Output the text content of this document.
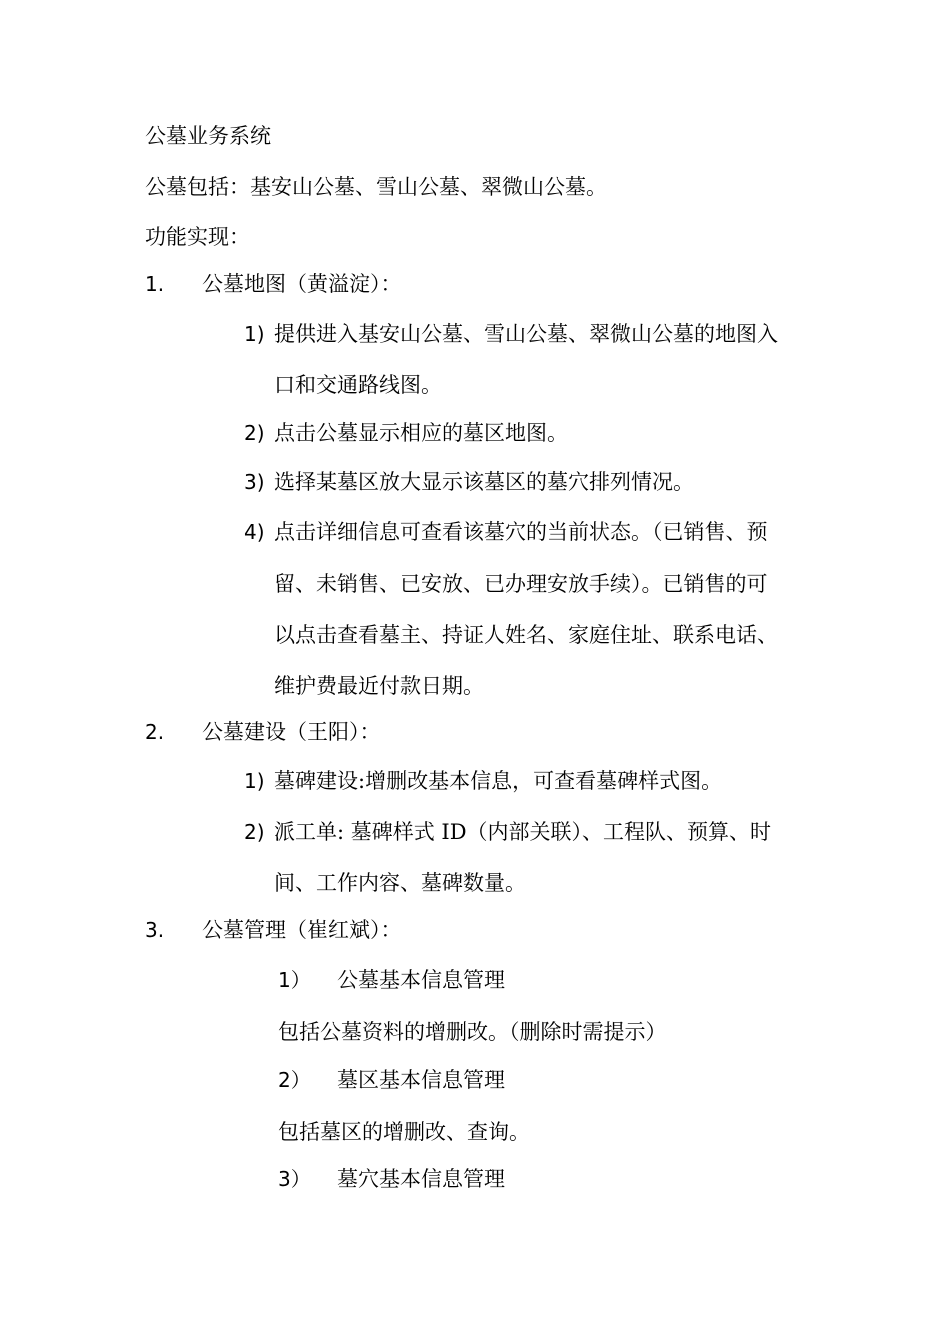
公墓业务系统
公墓包括：基安山公墓、雪山公墓、翠微山公墓。
功能实现：
1. 公墓地图（黄溢淀）：
1) 提供进入基安山公墓、雪山公墓、翠微山公墓的地图入
口和交通路线图。
2) 点击公墓显示相应的墓区地图。
3) 选择某墓区放大显示该墓区的墓穴排列情况。
4) 点击详细信息可查看该墓穴的当前状态。（已销售、预
留、未销售、已安放、已办理安放手续）。已销售的可
以点击查看墓主、持证人姓名、家庭住址、联系电话、
维护费最近付款日期。
2. 公墓建设（王阳）：
1) 墓碑建设:增删改基本信息，可查看墓碑样式图。
2) 派工单: 墓碑样式 ID（内部关联）、工程队、预算、时
间、工作内容、墓碑数量。
3. 公墓管理（崔红斌）：
1） 公墓基本信息管理
包括公墓资料的增删改。（删除时需提示）
2） 墓区基本信息管理
包括墓区的增删改、查询。
3） 墓穴基本信息管理
